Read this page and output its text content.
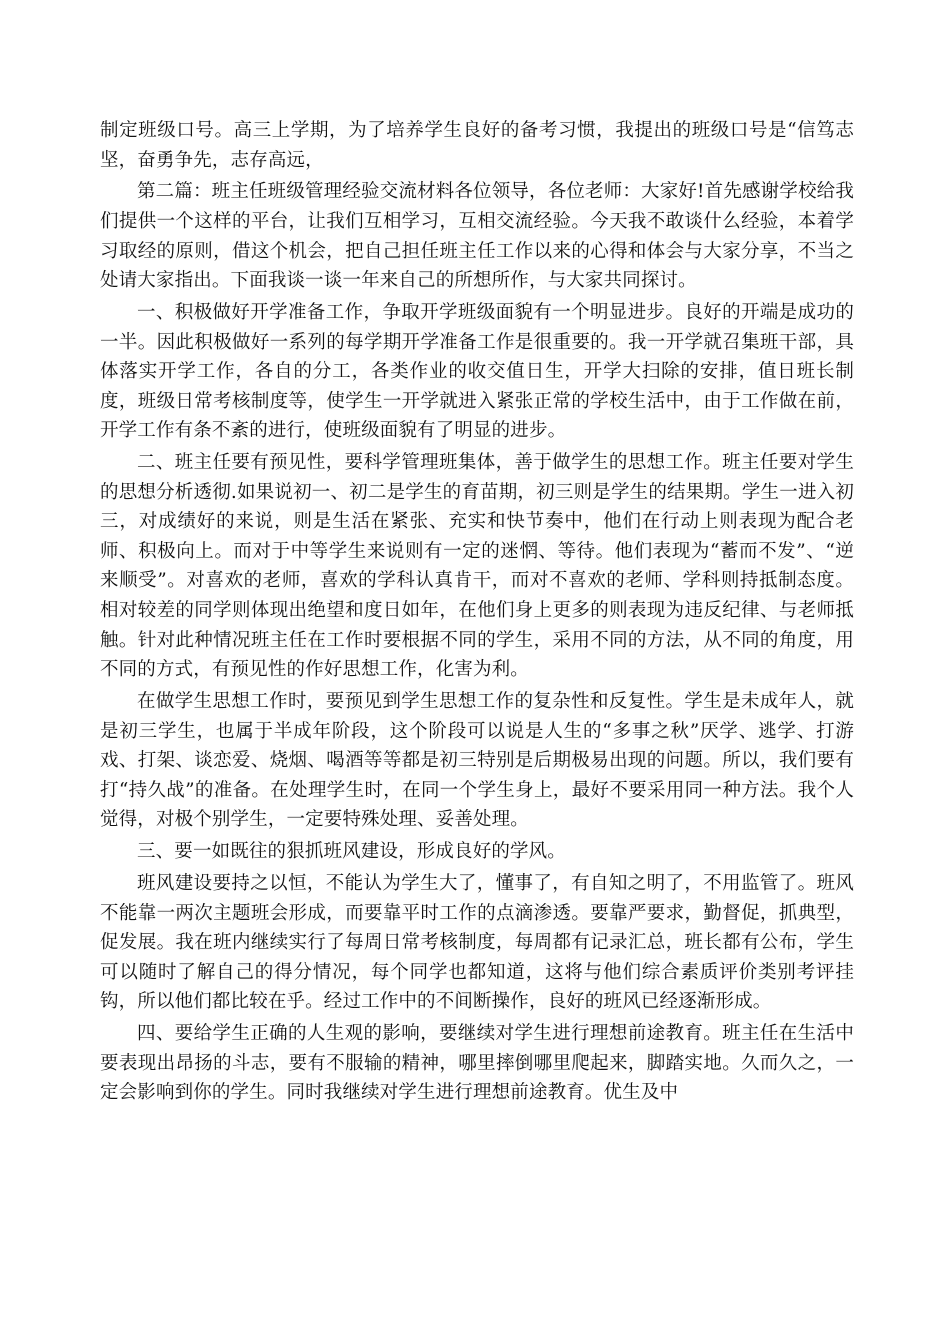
制定班级口号。高三上学期，为了培养学生良好的备考习惯，我提出的班级口号是“信笃志坚，奋勇争先，志存高远，

第二篇：班主任班级管理经验交流材料各位领导，各位老师：大家好!首先感谢学校给我们提供一个这样的平台，让我们互相学习，互相交流经验。今天我不敢谈什么经验，本着学习取经的原则，借这个机会，把自己担任班主任工作以来的心得和体会与大家分享，不当之处请大家指出。下面我谈一谈一年来自己的所想所作，与大家共同探讨。

一、积极做好开学准备工作，争取开学班级面貌有一个明显进步。良好的开端是成功的一半。因此积极做好一系列的每学期开学准备工作是很重要的。我一开学就召集班干部，具体落实开学工作，各自的分工，各类作业的收交值日生，开学大扫除的安排，值日班长制度，班级日常考核制度等，使学生一开学就进入紧张正常的学校生活中，由于工作做在前，开学工作有条不紊的进行，使班级面貌有了明显的进步。

二、班主任要有预见性，要科学管理班集体，善于做学生的思想工作。班主任要对学生的思想分析透彻.如果说初一、初二是学生的育苗期，初三则是学生的结果期。学生一进入初三，对成绩好的来说，则是生活在紧张、充实和快节奏中，他们在行动上则表现为配合老师、积极向上。而对于中等学生来说则有一定的迷惘、等待。他们表现为“蓄而不发”、“逆来顺受”。对喜欢的老师，喜欢的学科认真肯干，而对不喜欢的老师、学科则持抵制态度。相对较差的同学则体现出绝望和度日如年，在他们身上更多的则表现为违反纪律、与老师抵触。针对此种情况班主任在工作时要根据不同的学生，采用不同的方法，从不同的角度，用不同的方式，有预见性的作好思想工作，化害为利。

在做学生思想工作时，要预见到学生思想工作的复杂性和反复性。学生是未成年人，就是初三学生，也属于半成年阶段，这个阶段可以说是人生的“多事之秋”厌学、逃学、打游戏、打架、谈恋爱、烧烟、喝酒等等都是初三特别是后期极易出现的问题。所以，我们要有打“持久战”的准备。在处理学生时，在同一个学生身上，最好不要采用同一种方法。我个人觉得，对极个别学生，一定要特殊处理、妥善处理。

三、要一如既往的狠抓班风建设，形成良好的学风。

班风建设要持之以恒，不能认为学生大了，懂事了，有自知之明了，不用监管了。班风不能靠一两次主题班会形成，而要靠平时工作的点滴渗透。要靠严要求，勤督促，抓典型，促发展。我在班内继续实行了每周日常考核制度，每周都有记录汇总，班长都有公布，学生可以随时了解自己的得分情况，每个同学也都知道，这将与他们综合素质评价类别考评挂钩，所以他们都比较在乎。经过工作中的不间断操作，良好的班风已经逐渐形成。

四、要给学生正确的人生观的影响，要继续对学生进行理想前途教育。班主任在生活中要表现出昂扬的斗志，要有不服输的精神，哪里摔倒哪里爬起来，脚踏实地。久而久之，一定会影响到你的学生。同时我继续对学生进行理想前途教育。优生及中
